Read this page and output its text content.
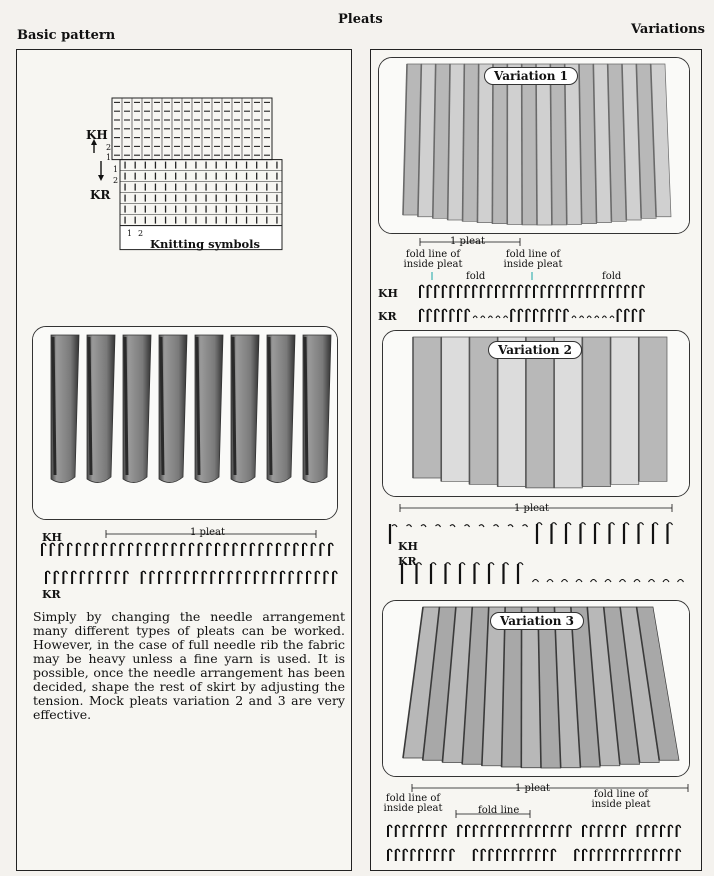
Pleats
Basic pattern	Variations
KH
KR
2
1
1
2
1 2
Knitting symbols
1 pleat
KH
KR
Simply by changing the needle arrangement many different types of pleats can be worked. However, in the case of full needle rib the fabric may be heavy unless a fine yarn is used. It is possible, once the needle arrangement has been decided, shape the rest of skirt by adjusting the tension. Mock pleats variation 2 and 3 are very effective.
Variation 1
1 pleat
fold line of inside pleat
fold line of inside pleat
fold	fold
KH
KR
Variation 2
1 pleat
KH
KR
Variation 3
1 pleat
fold line of inside pleat	fold line
fold line of inside pleat
